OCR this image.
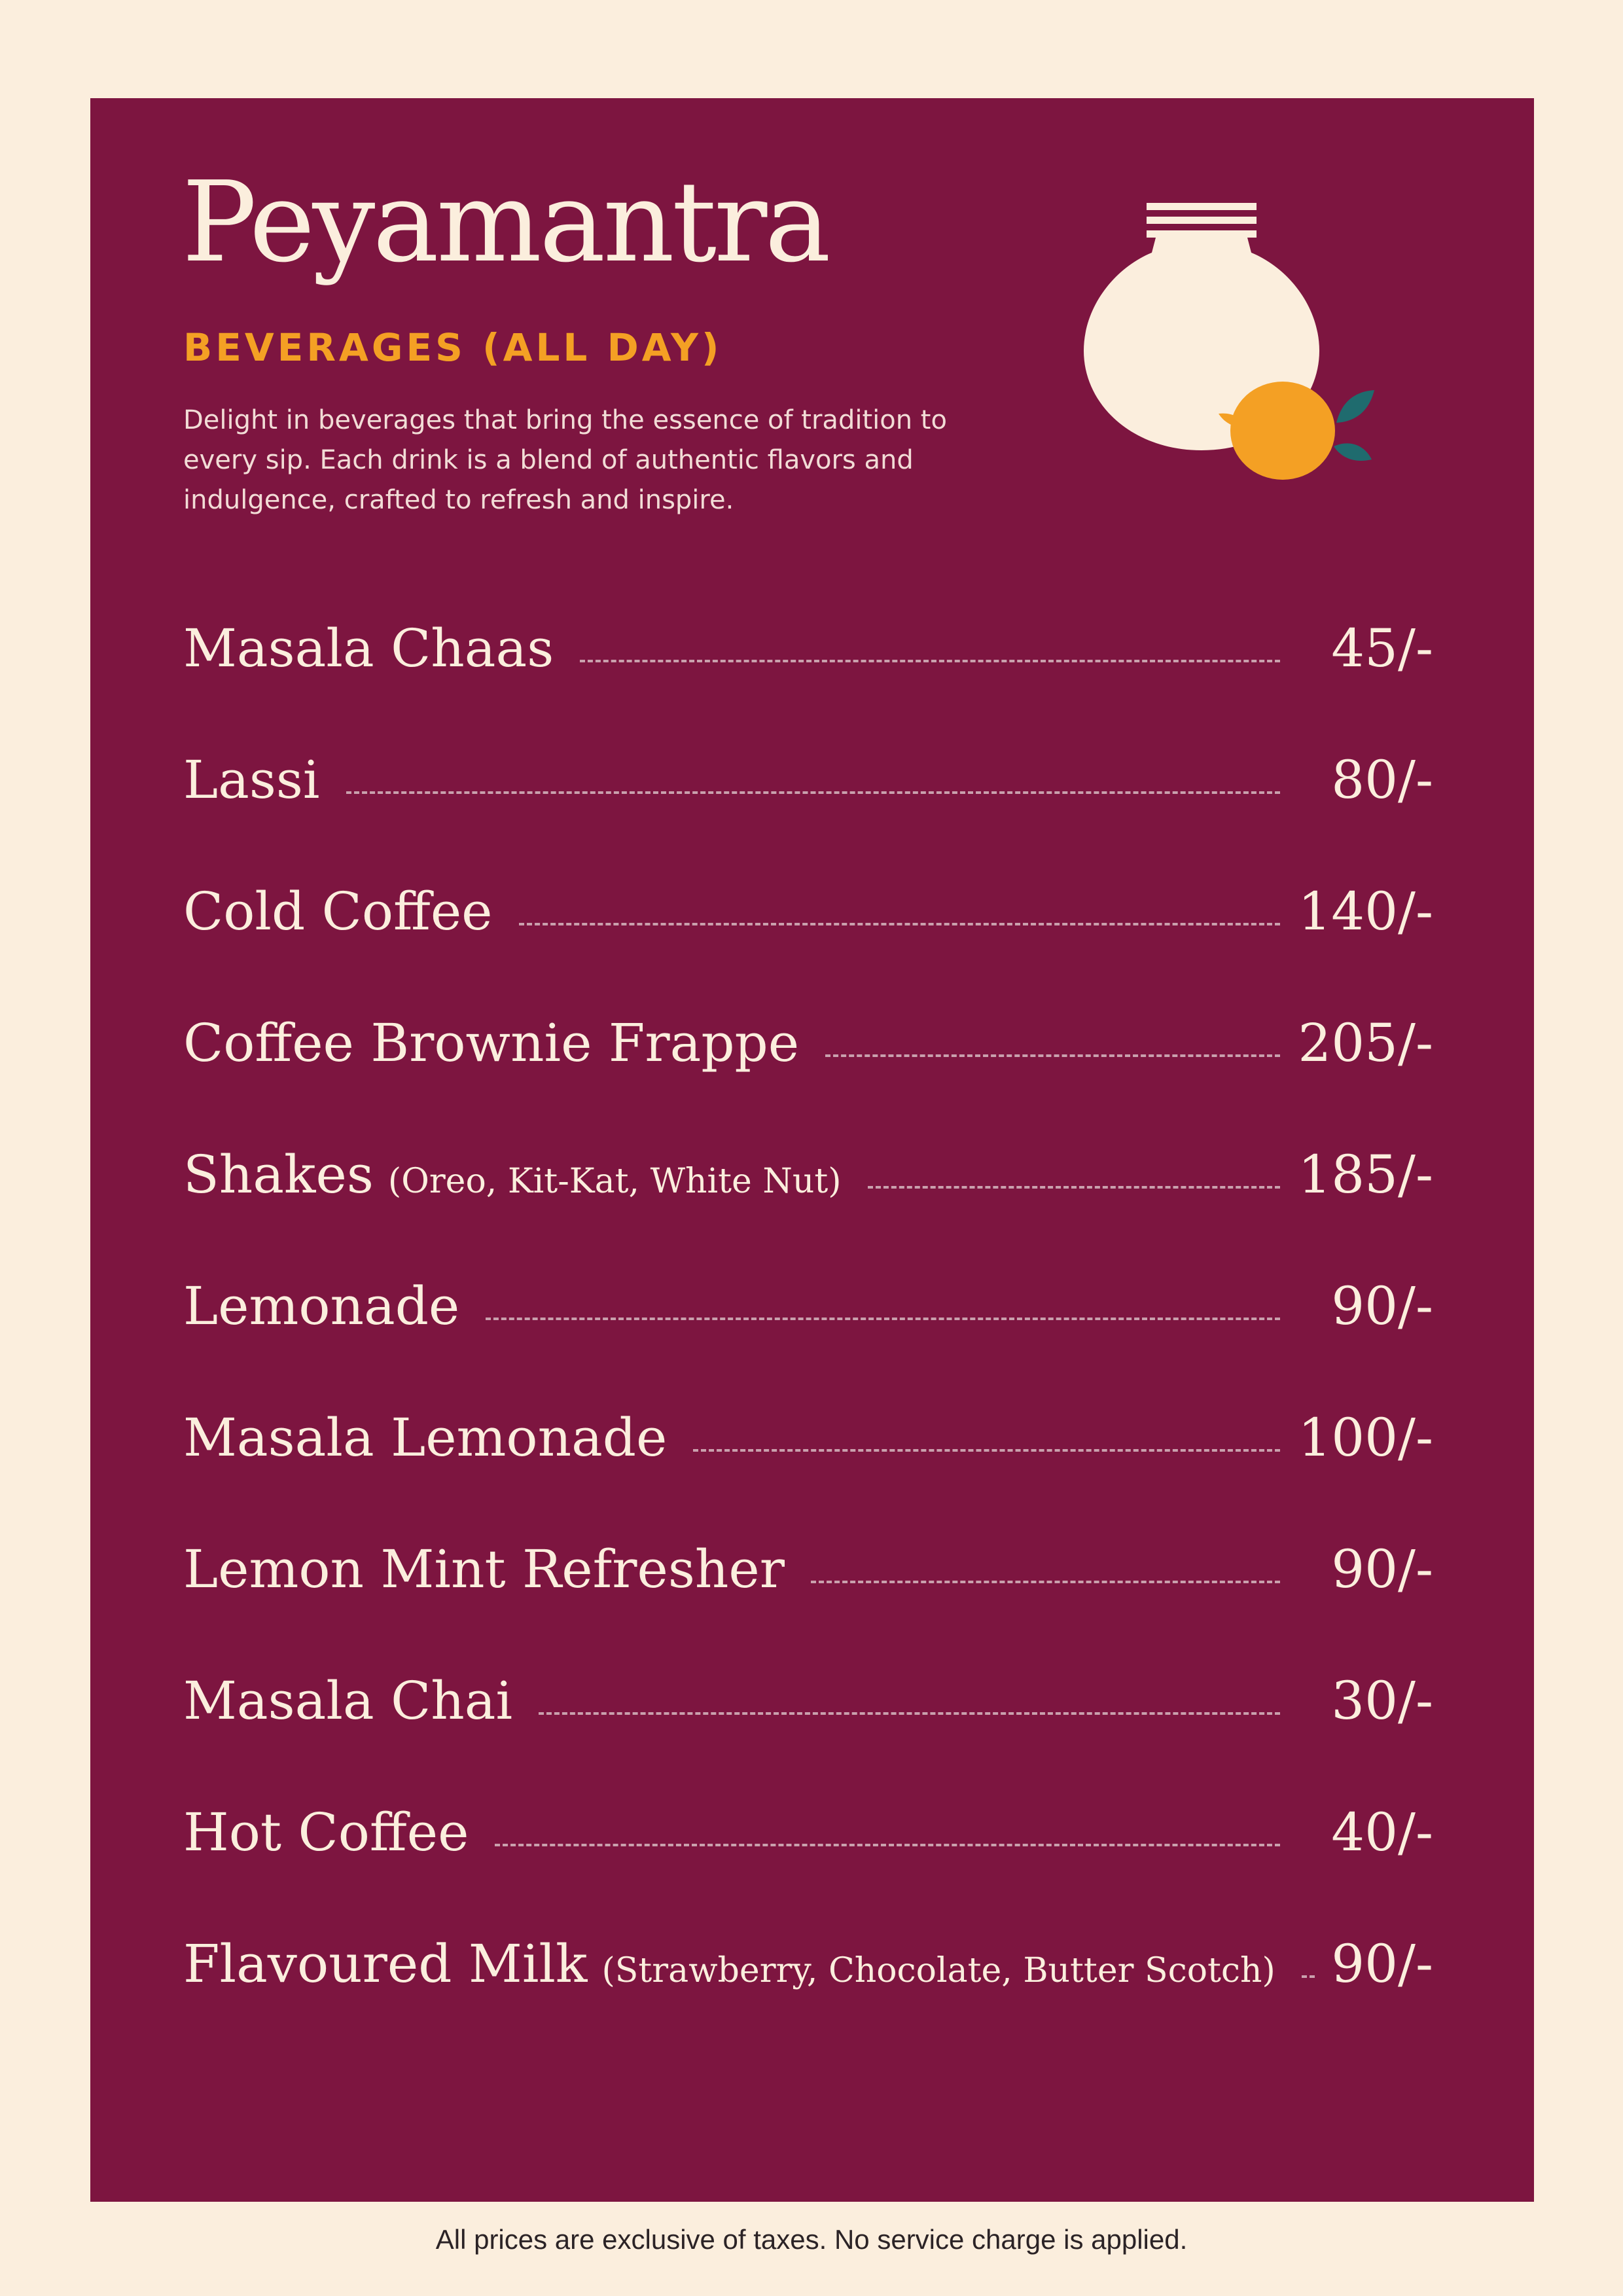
Peyamantra
BEVERAGES (ALL DAY)
Delight in beverages that bring the essence of tradition to every sip. Each drink is a blend of authentic flavors and indulgence, crafted to refresh and inspire.
Masala Chaas	45/-
Lassi	80/-
Cold Coffee	140/-
Coffee Brownie Frappe	205/-
Shakes (Oreo, Kit-Kat, White Nut)	185/-
Lemonade	90/-
Masala Lemonade	100/-
Lemon Mint Refresher	90/-
Masala Chai	30/-
Hot Coffee	40/-
Flavoured Milk (Strawberry, Chocolate, Butter Scotch) 90/-
All prices are exclusive of taxes. No service charge is applied.
